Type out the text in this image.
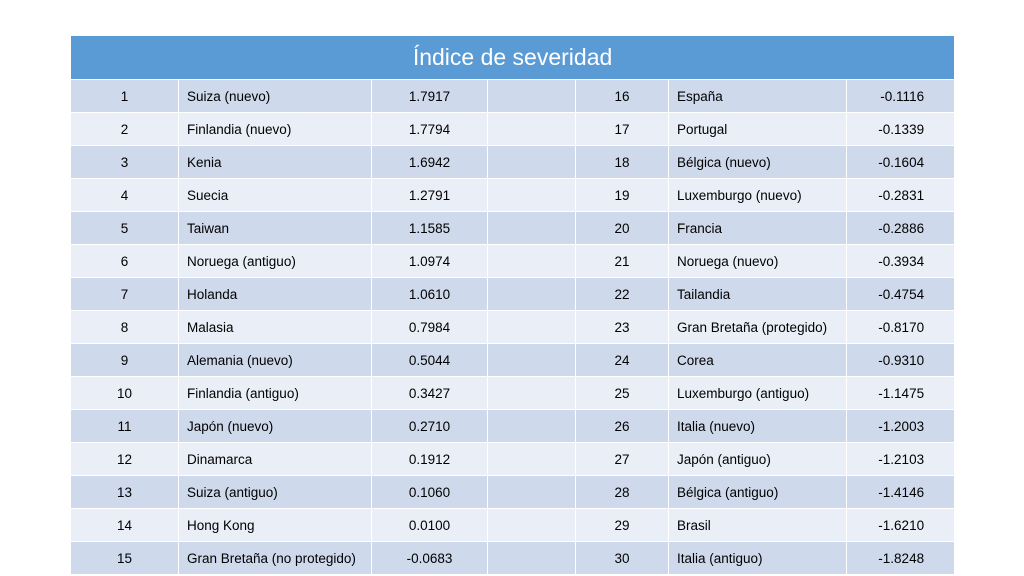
Índice de severidad						
1	Suiza (nuevo)	1.7917		16	España	-0.1116
2	Finlandia (nuevo)	1.7794		17	Portugal	-0.1339
3	Kenia	1.6942		18	Bélgica (nuevo)	-0.1604
4	Suecia	1.2791		19	Luxemburgo (nuevo)	-0.2831
5	Taiwan	1.1585		20	Francia	-0.2886
6	Noruega (antiguo)	1.0974		21	Noruega (nuevo)	-0.3934
7	Holanda	1.0610		22	Tailandia	-0.4754
8	Malasia	0.7984		23	Gran Bretaña (protegido)	-0.8170
9	Alemania (nuevo)	0.5044		24	Corea	-0.9310
10	Finlandia (antiguo)	0.3427		25	Luxemburgo (antiguo)	-1.1475
11	Japón (nuevo)	0.2710		26	Italia (nuevo)	-1.2003
12	Dinamarca	0.1912		27	Japón (antiguo)	-1.2103
13	Suiza (antiguo)	0.1060		28	Bélgica (antiguo)	-1.4146
14	Hong Kong	0.0100		29	Brasil	-1.6210
15	Gran Bretaña (no protegido)	-0.0683		30	Italia (antiguo)	-1.8248
